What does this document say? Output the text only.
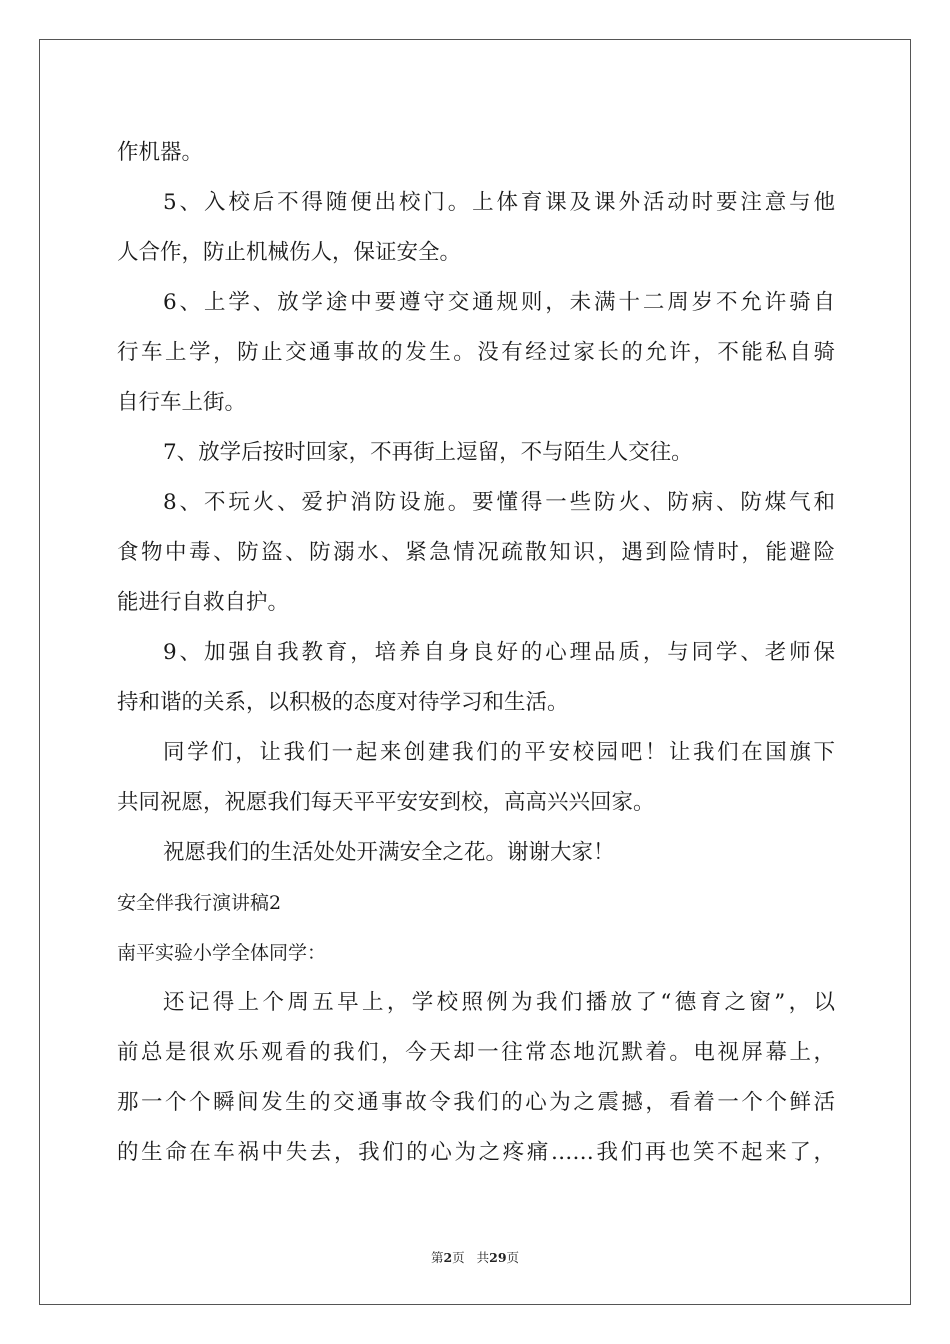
作机器。
5、入校后不得随便出校门。上体育课及课外活动时要注意与他
人合作，防止机械伤人，保证安全。
6、上学、放学途中要遵守交通规则，未满十二周岁不允许骑自
行车上学，防止交通事故的发生。没有经过家长的允许，不能私自骑
自行车上街。
7、放学后按时回家，不再街上逗留，不与陌生人交往。
8、不玩火、爱护消防设施。要懂得一些防火、防病、防煤气和
食物中毒、防盗、防溺水、紧急情况疏散知识，遇到险情时，能避险
能进行自救自护。
9、加强自我教育，培养自身良好的心理品质，与同学、老师保
持和谐的关系，以积极的态度对待学习和生活。
同学们，让我们一起来创建我们的平安校园吧！让我们在国旗下
共同祝愿，祝愿我们每天平平安安到校，高高兴兴回家。
祝愿我们的生活处处开满安全之花。谢谢大家！
安全伴我行演讲稿2
南平实验小学全体同学：
还记得上个周五早上，学校照例为我们播放了“德育之窗”，以
前总是很欢乐观看的我们，今天却一往常态地沉默着。电视屏幕上，
那一个个瞬间发生的交通事故令我们的心为之震撼，看着一个个鲜活
的生命在车祸中失去，我们的心为之疼痛……我们再也笑不起来了，
第2页 共29页
